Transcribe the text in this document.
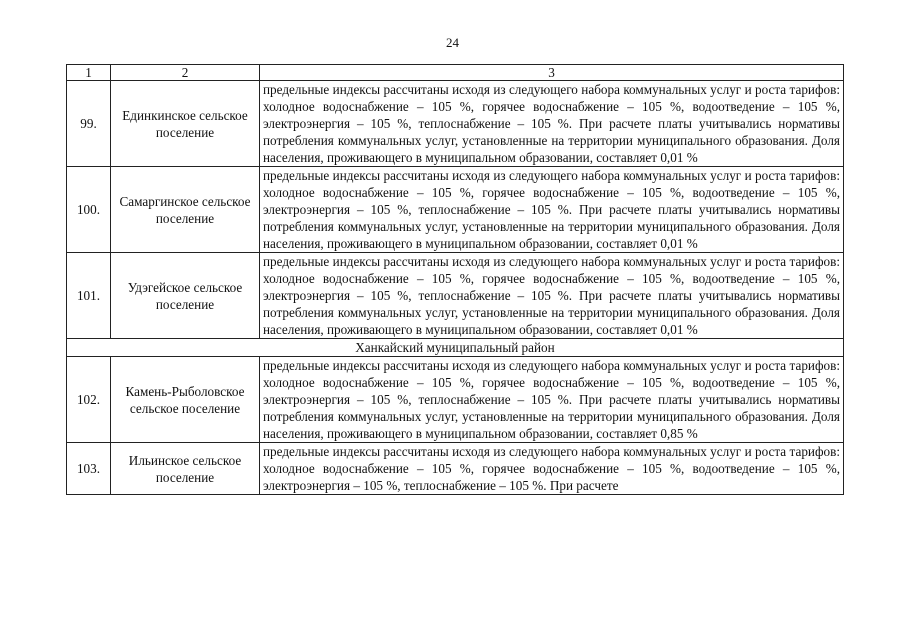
24
1	2	3
99.	Единкинское сельское поселение	предельные индексы рассчитаны исходя из следующего набора коммунальных услуг и роста тарифов: холодное водоснабжение – 105 %, горячее водоснабжение – 105 %, водоотведение – 105 %, электроэнергия – 105 %, теплоснабжение – 105 %. При расчете платы учитывались нормативы потребления коммунальных услуг, установленные на территории муниципального образования. Доля населения, проживающего в муниципальном образовании, составляет 0,01 %
100.	Самаргинское сельское поселение	предельные индексы рассчитаны исходя из следующего набора коммунальных услуг и роста тарифов: холодное водоснабжение – 105 %, горячее водоснабжение – 105 %, водоотведение – 105 %, электроэнергия – 105 %, теплоснабжение – 105 %. При расчете платы учитывались нормативы потребления коммунальных услуг, установленные на территории муниципального образования. Доля населения, проживающего в муниципальном образовании, составляет 0,01 %
101.	Удэгейское сельское поселение	предельные индексы рассчитаны исходя из следующего набора коммунальных услуг и роста тарифов: холодное водоснабжение – 105 %, горячее водоснабжение – 105 %, водоотведение – 105 %, электроэнергия – 105 %, теплоснабжение – 105 %. При расчете платы учитывались нормативы потребления коммунальных услуг, установленные на территории муниципального образования. Доля населения, проживающего в муниципальном образовании, составляет 0,01 %
Ханкайский муниципальный район		
102.	Камень-Рыболовское сельское поселение	предельные индексы рассчитаны исходя из следующего набора коммунальных услуг и роста тарифов: холодное водоснабжение – 105 %, горячее водоснабжение – 105 %, водоотведение – 105 %, электроэнергия – 105 %, теплоснабжение – 105 %. При расчете платы учитывались нормативы потребления коммунальных услуг, установленные на территории муниципального образования. Доля населения, проживающего в муниципальном образовании, составляет 0,85 %
103.	Ильинское сельское поселение	предельные индексы рассчитаны исходя из следующего набора коммунальных услуг и роста тарифов: холодное водоснабжение – 105 %, горячее водоснабжение – 105 %, водоотведение – 105 %, электроэнергия – 105 %, теплоснабжение – 105 %. При расчете
